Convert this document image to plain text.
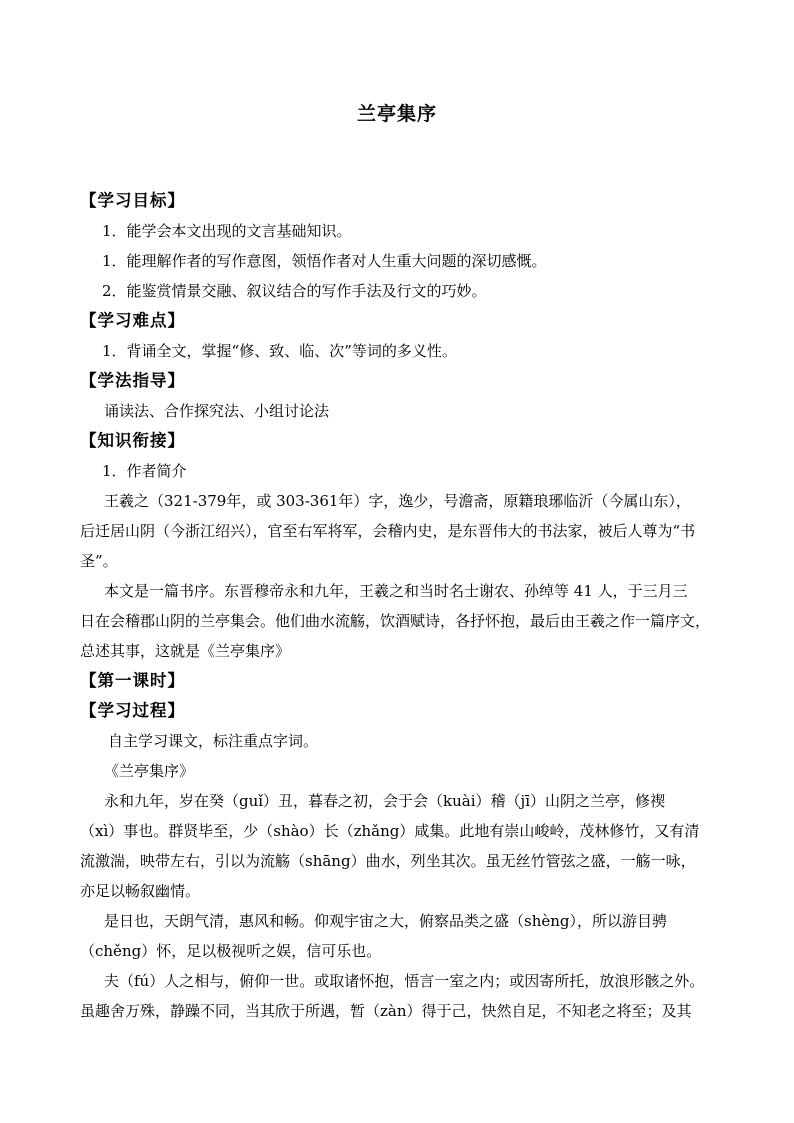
兰亭集序

【学习目标】

1．能学会本文出现的文言基础知识。

1．能理解作者的写作意图，领悟作者对人生重大问题的深切感慨。

2．能鉴赏情景交融、叙议结合的写作手法及行文的巧妙。

【学习难点】

1．背诵全文，掌握“修、致、临、次”等词的多义性。

【学法指导】

诵读法、合作探究法、小组讨论法

【知识衔接】

1．作者简介

王羲之（321-379年，或 303-361年）字，逸少，号澹斋，原籍琅琊临沂（今属山东），

后迁居山阴（今浙江绍兴），官至右军将军，会稽内史，是东晋伟大的书法家，被后人尊为“书

圣”。

本文是一篇书序。东晋穆帝永和九年，王羲之和当时名士谢农、孙绰等 41 人，于三月三

日在会稽郡山阴的兰亭集会。他们曲水流觞，饮酒赋诗，各抒怀抱，最后由王羲之作一篇序文，

总述其事，这就是《兰亭集序》

【第一课时】

【学习过程】

自主学习课文，标注重点字词。

《兰亭集序》

永和九年，岁在癸（guǐ）丑，暮春之初，会于会（kuài）稽（jī）山阴之兰亭，修禊

（xì）事也。群贤毕至，少（shào）长（zhǎng）咸集。此地有崇山峻岭，茂林修竹，又有清

流激湍，映带左右，引以为流觞（shāng）曲水，列坐其次。虽无丝竹管弦之盛，一觞一咏，

亦足以畅叙幽情。

是日也，天朗气清，惠风和畅。仰观宇宙之大，俯察品类之盛（shèng），所以游目骋

（chěng）怀，足以极视听之娱，信可乐也。

夫（fú）人之相与，俯仰一世。或取诸怀抱，悟言一室之内；或因寄所托，放浪形骸之外。

虽趣舍万殊，静躁不同，当其欣于所遇，暂（zàn）得于己，快然自足，不知老之将至；及其
